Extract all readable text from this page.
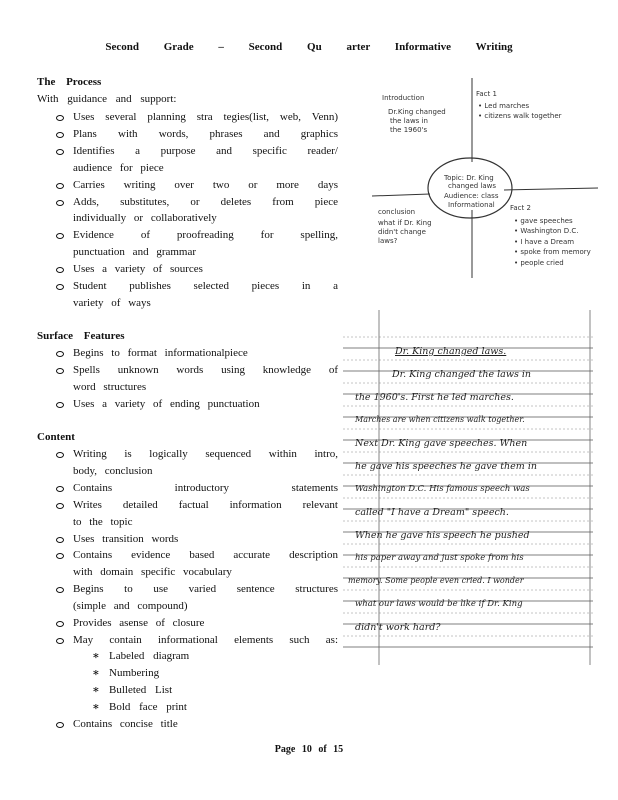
Second Grade – Second Qu arter Informative Writing
The Process
With guidance and support:
Uses several planning stra tegies(list, web, Venn)
Plans with words, phrases and graphics
Identifies a purpose and specific reader/
audience for piece
Carries writing over two or more days
Adds, substitutes, or deletes from piece
individually or collaboratively
Evidence of proofreading for spelling,
punctuation and grammar
Uses a variety of sources
Student publishes selected pieces in a
variety of ways
Surface Features
Begins to format informationalpiece
Spells unknown words using knowledge of
word structures
Uses a variety of ending punctuation
Content
Writing is logically sequenced within intro,
body, conclusion
Contains introductory statements
Writes detailed factual information relevant
to the topic
Uses transition words
Contains evidence based accurate description
with domain specific vocabulary
Begins to use varied sentence structures
(simple and compound)
Provides asense of closure
May contain informational elements such as:
∗ Labeled diagram
∗ Numbering
∗ Bulleted List
∗ Bold face print
Contains concise title
Introduction
Dr.King changed
the laws in
the 1960's
Fact 1
• Led marches
• citizens walk together
Topic: Dr. King
changed laws
Audience: class
Informational
conclusion
what if Dr. King
didn't change
laws?
Fact 2
• gave speeches
• Washington D.C.
• I have a Dream
• spoke from memory
• people cried
Dr. King changed laws.
Dr. King changed the laws in
the 1960's. First he led marches.
Marches are when citizens walk together.
Next Dr. King gave speeches. When
he gave his speeches he gave them in
Washington D.C. His famous speech was
called "I have a Dream" speech.
When he gave his speech he pushed
his paper away and just spoke from his
memory. Some people even cried. I wonder
what our laws would be like if Dr. King
didn't work hard?
Page 10 of 15
